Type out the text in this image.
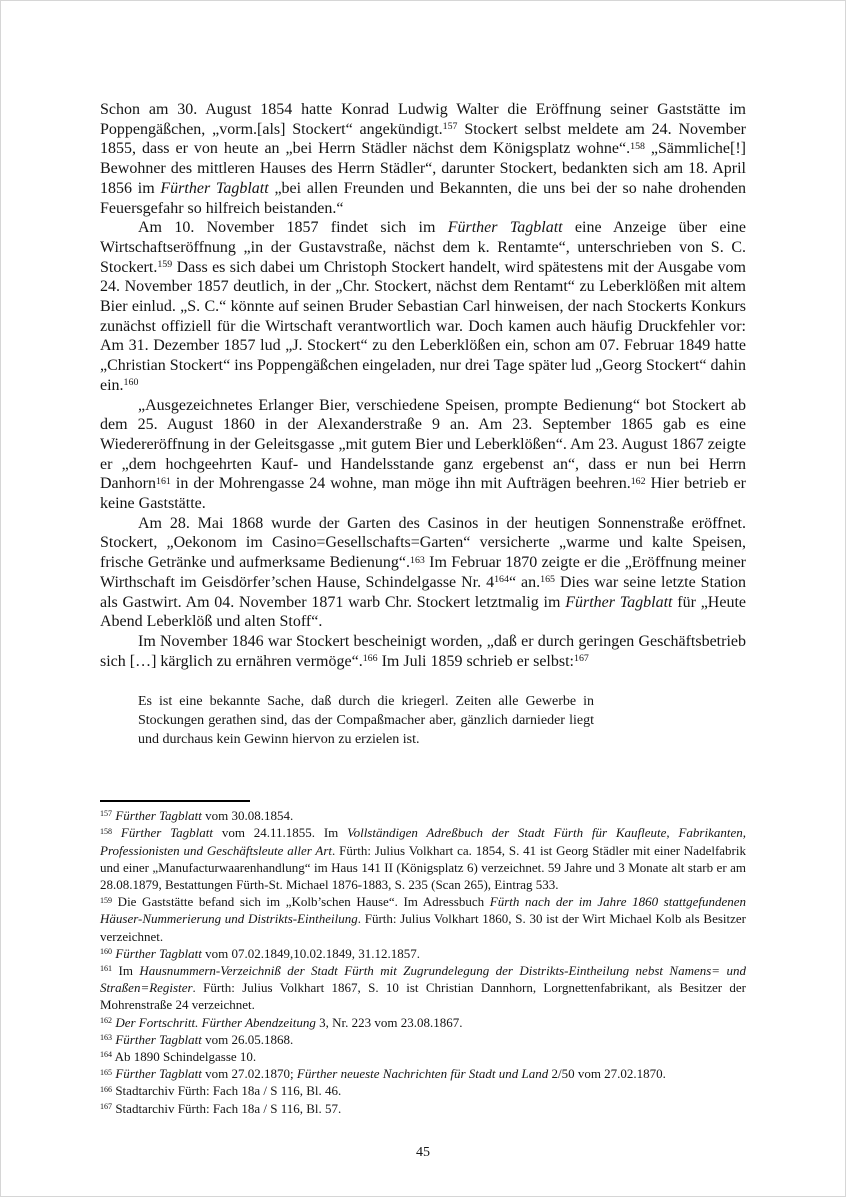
Schon am 30. August 1854 hatte Konrad Ludwig Walter die Eröffnung seiner Gaststätte im Poppengäßchen, „vorm.[als] Stockert“ angekündigt.$^{157}$ Stockert selbst meldete am 24. November 1855, dass er von heute an „bei Herrn Städler nächst dem Königsplatz wohne“.$^{158}$ „Sämmliche[!] Bewohner des mittleren Hauses des Herrn Städler“, darunter Stockert, bedankten sich am 18. April 1856 im Fürther Tagblatt „bei allen Freunden und Bekannten, die uns bei der so nahe drohenden Feuersgefahr so hilfreich beistanden.“

Am 10. November 1857 findet sich im Fürther Tagblatt eine Anzeige über eine Wirtschaftseröffnung „in der Gustavstraße, nächst dem k. Rentamte“, unterschrieben von S. C. Stockert.$^{159}$ Dass es sich dabei um Christoph Stockert handelt, wird spätestens mit der Ausgabe vom 24. November 1857 deutlich, in der „Chr. Stockert, nächst dem Rentamt“ zu Leberklößen mit altem Bier einlud. „S. C.“ könnte auf seinen Bruder Sebastian Carl hinweisen, der nach Stockerts Konkurs zunächst offiziell für die Wirtschaft verantwortlich war. Doch kamen auch häufig Druckfehler vor: Am 31. Dezember 1857 lud „J. Stockert“ zu den Leberklößen ein, schon am 07. Februar 1849 hatte „Christian Stockert“ ins Poppengäßchen eingeladen, nur drei Tage später lud „Georg Stockert“ dahin ein.$^{160}$

„Ausgezeichnetes Erlanger Bier, verschiedene Speisen, prompte Bedienung“ bot Stockert ab dem 25. August 1860 in der Alexanderstraße 9 an. Am 23. September 1865 gab es eine Wiedereröffnung in der Geleitsgasse „mit gutem Bier und Leberklößen“. Am 23. August 1867 zeigte er „dem hochgeehrten Kauf- und Handelsstande ganz ergebenst an“, dass er nun bei Herrn Danhorn$^{161}$ in der Mohrengasse 24 wohne, man möge ihn mit Aufträgen beehren.$^{162}$ Hier betrieb er keine Gaststätte.

Am 28. Mai 1868 wurde der Garten des Casinos in der heutigen Sonnenstraße eröffnet. Stockert, „Oekonom im Casino=Gesellschafts=Garten“ versicherte „warme und kalte Speisen, frische Getränke und aufmerksame Bedienung“.$^{163}$ Im Februar 1870 zeigte er die „Eröffnung meiner Wirthschaft im Geisdörfer’schen Hause, Schindelgasse Nr. $4^{164}“$ an.$^{165}$ Dies war seine letzte Station als Gastwirt. Am 04. November 1871 warb Chr. Stockert letztmalig im Fürther Tagblatt für „Heute Abend Leberklöß und alten Stoff“.

Im November 1846 war Stockert bescheinigt worden, „daß er durch geringen Geschäftsbetrieb sich […] kärglich zu ernähren vermöge“.$^{166}$ Im Juli 1859 schrieb er selbst:$^{167}$

Es ist eine bekannte Sache, daß durch die kriegerl. Zeiten alle Gewerbe in Stockungen gerathen sind, das der Compaßmacher aber, gänzlich darnieder liegt und durchaus kein Gewinn hiervon zu erzielen ist.

$^{157}$ Fürther Tagblatt vom 30.08.1854.

$^{158}$ Fürther Tagblatt vom 24.11.1855. Im Vollständigen Adreßbuch der Stadt Fürth für Kaufleute, Fabrikanten, Professionisten und Geschäftsleute aller Art. Fürth: Julius Volkhart ca. 1854, S. 41 ist Georg Städler mit einer Nadelfabrik und einer „Manufacturwaarenhandlung“ im Haus 141 II (Königsplatz 6) verzeichnet. 59 Jahre und 3 Monate alt starb er am 28.08.1879, Bestattungen Fürth-St. Michael 1876-1883, S. 235 (Scan 265), Eintrag 533.

$^{159}$ Die Gaststätte befand sich im „Kolb’schen Hause“. Im Adressbuch Fürth nach der im Jahre 1860 stattgefundenen Häuser-Nummerierung und Distrikts-Eintheilung. Fürth: Julius Volkhart 1860, S. 30 ist der Wirt Michael Kolb als Besitzer verzeichnet.

$^{160}$ Fürther Tagblatt vom 07.02.1849,10.02.1849, 31.12.1857.

$^{161}$ Im Hausnummern-Verzeichniß der Stadt Fürth mit Zugrundelegung der Distrikts-Eintheilung nebst Namens= und Straßen=Register. Fürth: Julius Volkhart 1867, S. 10 ist Christian Dannhorn, Lorgnettenfabrikant, als Besitzer der Mohrenstraße 24 verzeichnet.

$^{162}$ Der Fortschritt. Fürther Abendzeitung 3, Nr. 223 vom 23.08.1867.

$^{163}$ Fürther Tagblatt vom 26.05.1868.

$^{164}$ Ab 1890 Schindelgasse 10.

$^{165}$ Fürther Tagblatt vom 27.02.1870; Fürther neueste Nachrichten für Stadt und Land 2/50 vom 27.02.1870.

$^{166}$ Stadtarchiv Fürth: Fach 18a / S 116, Bl. 46.

$^{167}$ Stadtarchiv Fürth: Fach 18a / S 116, Bl. 57.

45
